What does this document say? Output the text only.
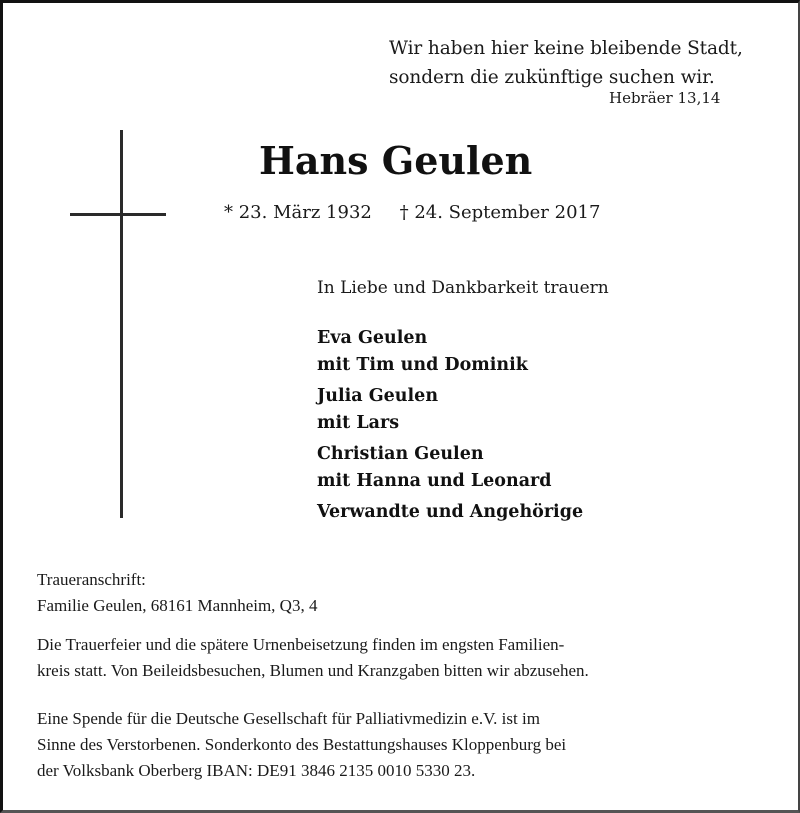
Wir haben hier keine bleibende Stadt,
sondern die zukünftige suchen wir.
Hebräer 13,14
Hans Geulen
* 23. März 1932 † 24. September 2017
In Liebe und Dankbarkeit trauern
Eva Geulen
mit Tim und Dominik
Julia Geulen
mit Lars
Christian Geulen
mit Hanna und Leonard
Verwandte und Angehörige
Traueranschrift:
Familie Geulen, 68161 Mannheim, Q3, 4
Die Trauerfeier und die spätere Urnenbeisetzung finden im engsten Familien-
kreis statt. Von Beileidsbesuchen, Blumen und Kranzgaben bitten wir abzusehen.
Eine Spende für die Deutsche Gesellschaft für Palliativmedizin e.V. ist im
Sinne des Verstorbenen. Sonderkonto des Bestattungshauses Kloppenburg bei
der Volksbank Oberberg IBAN: DE91 3846 2135 0010 5330 23.
